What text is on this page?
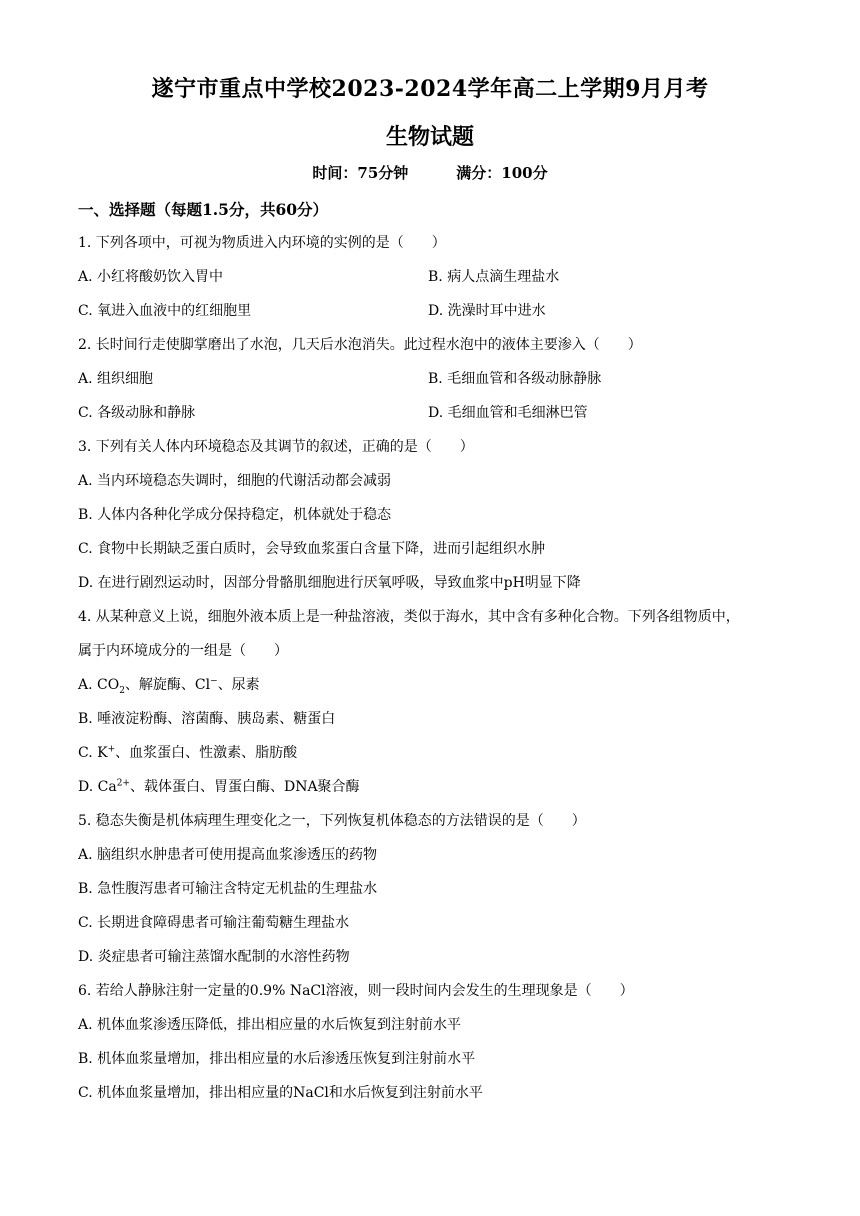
遂宁市重点中学校2023-2024学年高二上学期9月月考
生物试题
时间：75分钟	满分：100分
一、选择题（每题1.5分，共60分）
1. 下列各项中，可视为物质进入内环境的实例的是（　　）
A. 小红将酸奶饮入胃中	B. 病人点滴生理盐水
C. 氧进入血液中的红细胞里	D. 洗澡时耳中进水
2. 长时间行走使脚掌磨出了水泡，几天后水泡消失。此过程水泡中的液体主要渗入（　　）
A. 组织细胞	B. 毛细血管和各级动脉静脉
C. 各级动脉和静脉	D. 毛细血管和毛细淋巴管
3. 下列有关人体内环境稳态及其调节的叙述，正确的是（　　）
A. 当内环境稳态失调时，细胞的代谢活动都会减弱
B. 人体内各种化学成分保持稳定，机体就处于稳态
C. 食物中长期缺乏蛋白质时，会导致血浆蛋白含量下降，进而引起组织水肿
D. 在进行剧烈运动时，因部分骨骼肌细胞进行厌氧呼吸，导致血浆中pH明显下降
4. 从某种意义上说，细胞外液本质上是一种盐溶液，类似于海水，其中含有多种化合物。下列各组物质中，
属于内环境成分的一组是（　　）
A. $CO_2$、解旋酶、Cl−、尿素
B. 唾液淀粉酶、溶菌酶、胰岛素、糖蛋白
C. K+、血浆蛋白、性激素、脂肪酸
D. $Ca^{2+}$、载体蛋白、胃蛋白酶、DNA聚合酶
5. 稳态失衡是机体病理生理变化之一，下列恢复机体稳态的方法错误的是（　　）
A. 脑组织水肿患者可使用提高血浆渗透压的药物
B. 急性腹泻患者可输注含特定无机盐的生理盐水
C. 长期进食障碍患者可输注葡萄糖生理盐水
D. 炎症患者可输注蒸馏水配制的水溶性药物
6. 若给人静脉注射一定量的0.9% NaCl溶液，则一段时间内会发生的生理现象是（　　）
A. 机体血浆渗透压降低，排出相应量的水后恢复到注射前水平
B. 机体血浆量增加，排出相应量的水后渗透压恢复到注射前水平
C. 机体血浆量增加，排出相应量的NaCl和水后恢复到注射前水平
